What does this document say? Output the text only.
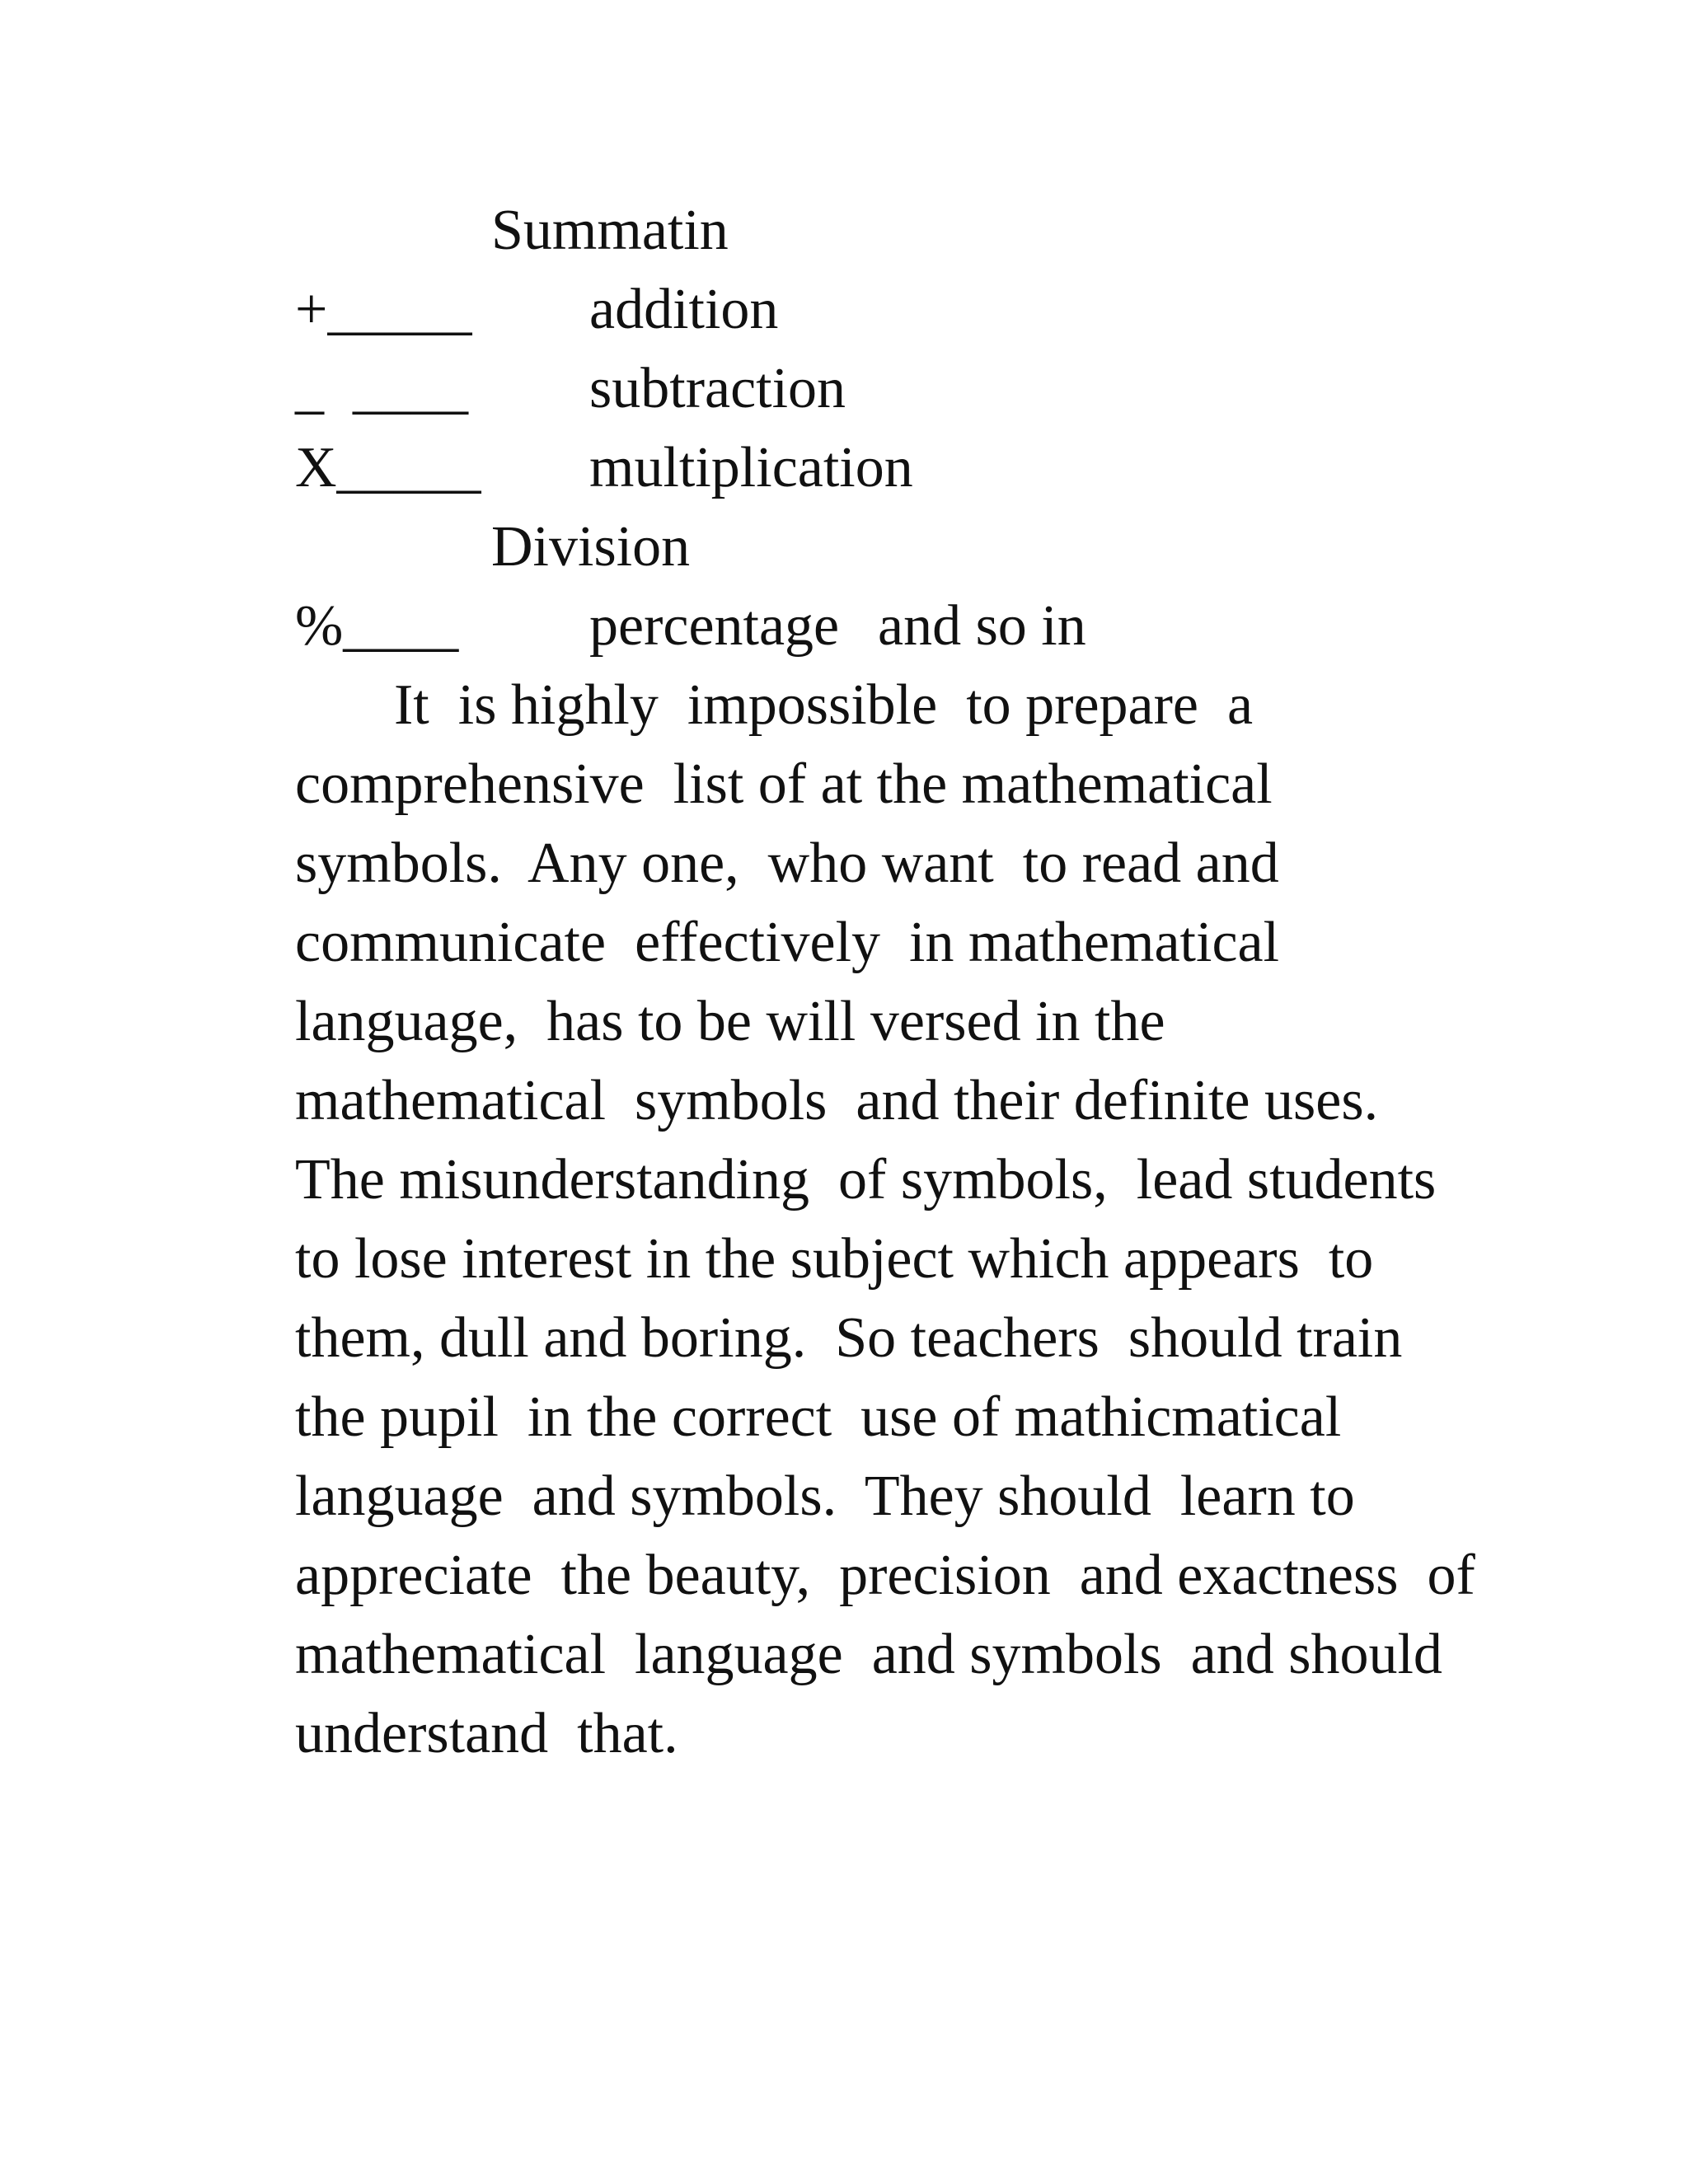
Summatin
+_____ addition
_  ____ subtraction
X_____ multiplication
Division
%____ percentage and so in
It  is highly  impossible  to prepare  a
comprehensive  list of at the mathematical
symbols.  Any one,  who want  to read and
communicate  effectively  in mathematical
language,  has to be will versed in the
mathematical  symbols  and their definite uses.
The misunderstanding  of symbols,  lead students
to lose interest in the subject which appears  to
them, dull and boring.  So teachers  should train
the pupil  in the correct  use of mathicmatical
language  and symbols.  They should  learn to
appreciate  the beauty,  precision  and exactness  of
mathematical  language  and symbols  and should
understand  that.
